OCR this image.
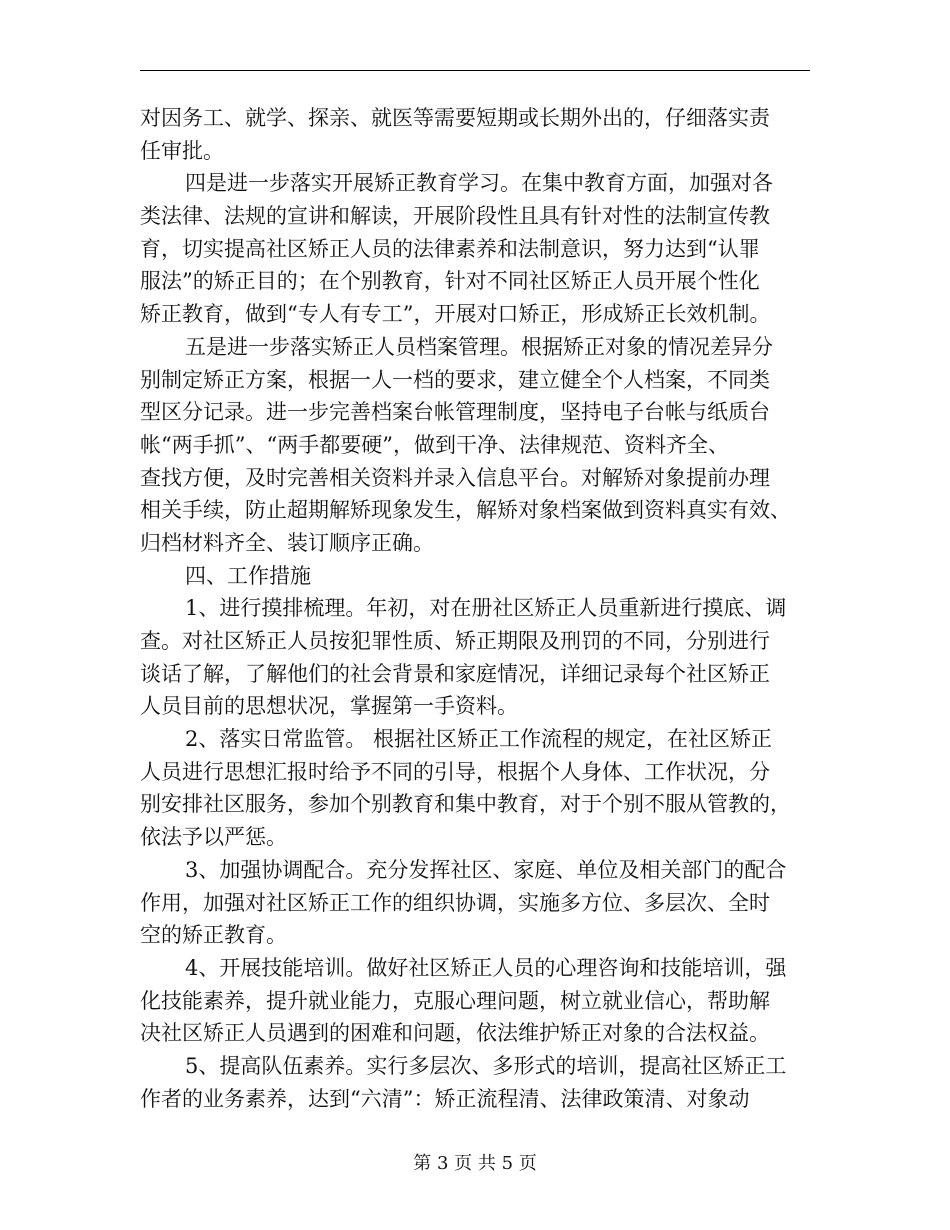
对因务工、就学、探亲、就医等需要短期或长期外出的，仔细落实责
任审批。
四是进一步落实开展矫正教育学习。在集中教育方面，加强对各
类法律、法规的宣讲和解读，开展阶段性且具有针对性的法制宣传教
育，切实提高社区矫正人员的法律素养和法制意识，努力达到“认罪
服法”的矫正目的；在个别教育，针对不同社区矫正人员开展个性化
矫正教育，做到“专人有专工”，开展对口矫正，形成矫正长效机制。
五是进一步落实矫正人员档案管理。根据矫正对象的情况差异分
别制定矫正方案，根据一人一档的要求，建立健全个人档案，不同类
型区分记录。进一步完善档案台帐管理制度，坚持电子台帐与纸质台
帐“两手抓”、“两手都要硬”，做到干净、法律规范、资料齐全、
查找方便，及时完善相关资料并录入信息平台。对解矫对象提前办理
相关手续，防止超期解矫现象发生，解矫对象档案做到资料真实有效、
归档材料齐全、装订顺序正确。
四、工作措施
1、进行摸排梳理。年初，对在册社区矫正人员重新进行摸底、调
查。对社区矫正人员按犯罪性质、矫正期限及刑罚的不同，分别进行
谈话了解，了解他们的社会背景和家庭情况，详细记录每个社区矫正
人员目前的思想状况，掌握第一手资料。
2、落实日常监管。 根据社区矫正工作流程的规定，在社区矫正
人员进行思想汇报时给予不同的引导，根据个人身体、工作状况，分
别安排社区服务，参加个别教育和集中教育，对于个别不服从管教的，
依法予以严惩。
3、加强协调配合。充分发挥社区、家庭、单位及相关部门的配合
作用，加强对社区矫正工作的组织协调，实施多方位、多层次、全时
空的矫正教育。
4、开展技能培训。做好社区矫正人员的心理咨询和技能培训，强
化技能素养，提升就业能力，克服心理问题，树立就业信心，帮助解
决社区矫正人员遇到的困难和问题，依法维护矫正对象的合法权益。
5、提高队伍素养。实行多层次、多形式的培训，提高社区矫正工
作者的业务素养，达到“六清”：矫正流程清、法律政策清、对象动
第 3 页 共 5 页
